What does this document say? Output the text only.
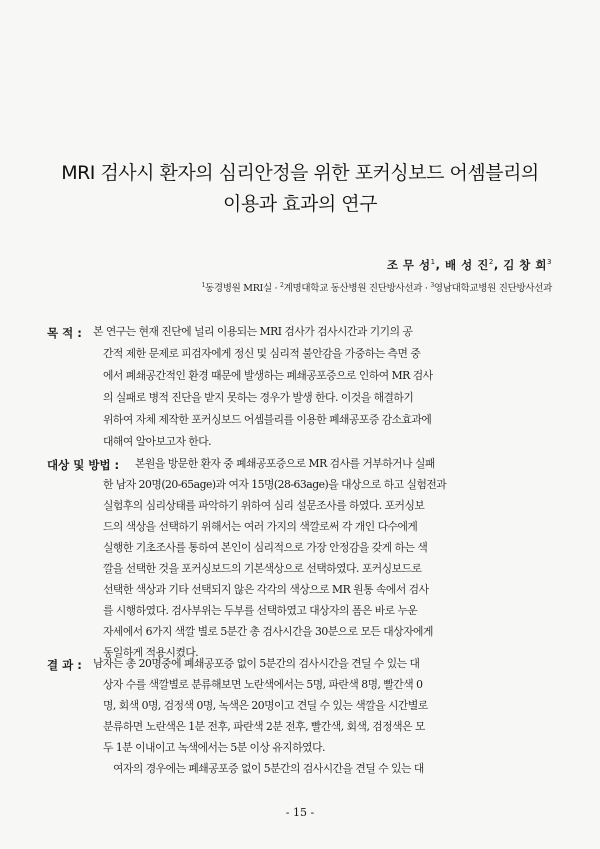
MRI 검사시 환자의 심리안정을 위한 포커싱보드 어셈블리의
이용과 효과의 연구
조 무 성$^1$, 배 성 진$^2$, 김 창 희$^3$
$^1$동경병원 MRI실 · $^2$계명대학교 동산병원 진단방사선과 · $^3$영남대학교병원 진단방사선과
목 적 : 본 연구는 현재 진단에 널리 이용되는 MRI 검사가 검사시간과 기기의 공
간적 제한 문제로 피검자에게 정신 및 심리적 불안감을 가중하는 측면 중
에서 폐쇄공간적인 환경 때문에 발생하는 폐쇄공포증으로 인하여 MR 검사
의 실패로 병적 진단을 받지 못하는 경우가 발생 한다. 이것을 해결하기
위하여 자체 제작한 포커싱보드 어셈블리를 이용한 폐쇄공포증 감소효과에
대해여 알아보고자 한다.
대상 및 방법 : 본원을 방문한 환자 중 폐쇄공포증으로 MR 검사를 거부하거나 실패
한 남자 20명(20-65age)과 여자 15명(28-63age)을 대상으로 하고 실험전과
실험후의 심리상태를 파악하기 위하여 심리 설문조사를 하였다. 포커싱보
드의 색상을 선택하기 위해서는 여러 가지의 색깔로써 각 개인 다수에게
실행한 기초조사를 통하여 본인이 심리적으로 가장 안정감을 갖게 하는 색
깔을 선택한 것을 포커싱보드의 기본색상으로 선택하였다. 포커싱보드로
선택한 색상과 기타 선택되지 않은 각각의 색상으로 MR 원통 속에서 검사
를 시행하였다. 검사부위는 두부를 선택하였고 대상자의 폼은 바로 누운
자세에서 6가지 색깔 별로 5분간 총 검사시간을 30분으로 모든 대상자에게
동일하게 적용시켰다.
결 과 : 남자는 총 20명중에 폐쇄공포증 없이 5분간의 검사시간을 견딜 수 있는 대
상자 수를 색깔별로 분류해보면 노란색에서는 5명, 파란색 8명, 빨간색 0
명, 회색 0명, 검정색 0명, 녹색은 20명이고 견딜 수 있는 색깔을 시간별로
분류하면 노란색은 1분 전후, 파란색 2분 전후, 빨간색, 회색, 검정색은 모
두 1분 이내이고 녹색에서는 5분 이상 유지하였다.
여자의 경우에는 폐쇄공포증 없이 5분간의 검사시간을 견딜 수 있는 대
- 15 -
